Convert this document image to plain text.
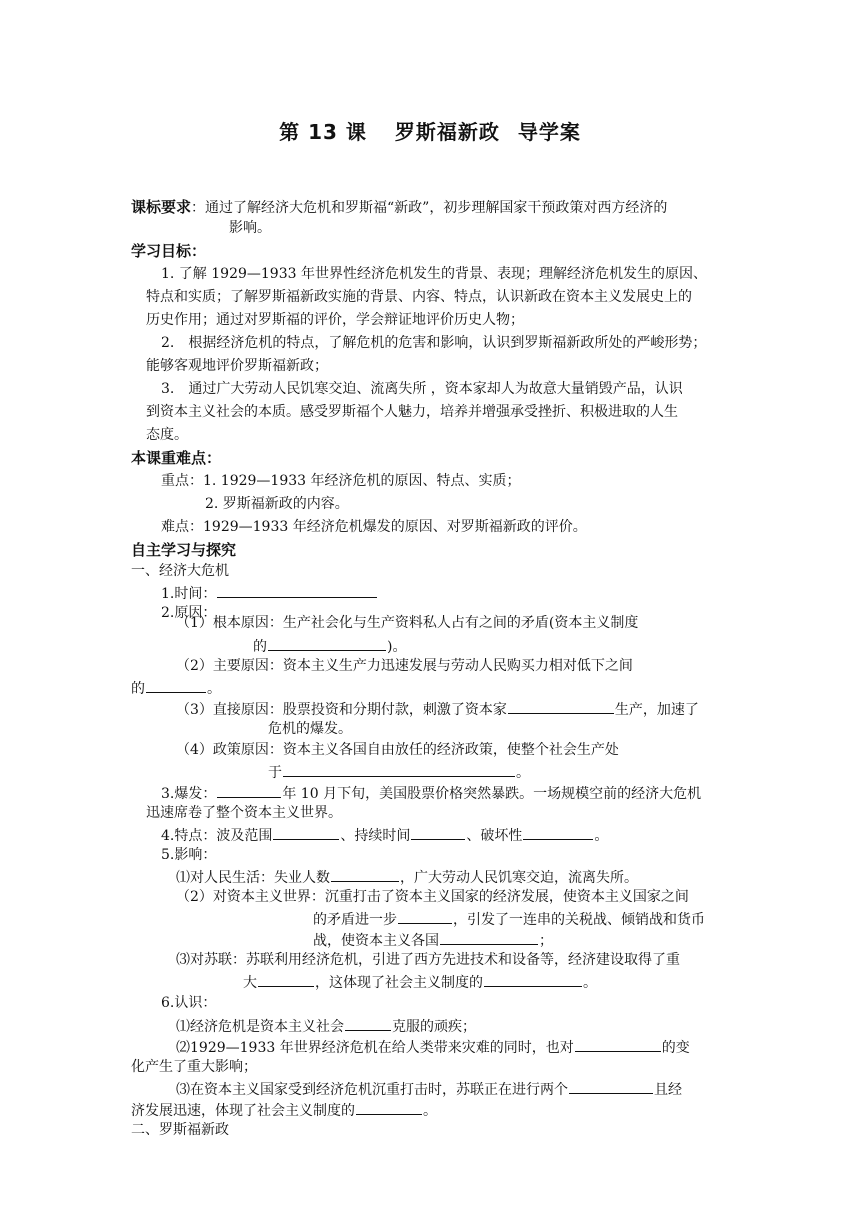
第 13 课 罗斯福新政 导学案
课标要求：通过了解经济大危机和罗斯福“新政”，初步理解国家干预政策对西方经济的
影响。
学习目标：
1. 了解 1929—1933 年世界性经济危机发生的背景、表现；理解经济危机发生的原因、
特点和实质；了解罗斯福新政实施的背景、内容、特点，认识新政在资本主义发展史上的
历史作用；通过对罗斯福的评价，学会辩证地评价历史人物；
2.　根据经济危机的特点，了解危机的危害和影响，认识到罗斯福新政所处的严峻形势；
能够客观地评价罗斯福新政；
3.　通过广大劳动人民饥寒交迫、流离失所 ，资本家却人为故意大量销毁产品，认识
到资本主义社会的本质。感受罗斯福个人魅力，培养并增强承受挫折、积极进取的人生
态度。
本课重难点：
重点：1. 1929—1933 年经济危机的原因、特点、实质；
2. 罗斯福新政的内容。
难点：1929—1933 年经济危机爆发的原因、对罗斯福新政的评价。
自主学习与探究
一、经济大危机
1.时间：
2.原因：
（1）根本原因：生产社会化与生产资料私人占有之间的矛盾(资本主义制度
的	)。
（2）主要原因：资本主义生产力迅速发展与劳动人民购买力相对低下之间
的	。
（3）直接原因：股票投资和分期付款，刺激了资本家	生产，加速了
危机的爆发。
（4）政策原因：资本主义各国自由放任的经济政策，使整个社会生产处
于	。
3.爆发：	年 10 月下旬，美国股票价格突然暴跌。一场规模空前的经济大危机
迅速席卷了整个资本主义世界。
4.特点：波及范围	、持续时间	、破坏性	。
5.影响：
⑴对人民生活：失业人数	，广大劳动人民饥寒交迫，流离失所。
（2）对资本主义世界：沉重打击了资本主义国家的经济发展，使资本主义国家之间
的矛盾进一步	，引发了一连串的关税战、倾销战和货币
战，使资本主义各国	；
⑶对苏联：苏联利用经济危机，引进了西方先进技术和设备等，经济建设取得了重
大	，这体现了社会主义制度的	。
6.认识：
⑴经济危机是资本主义社会	克服的顽疾；
⑵1929—1933 年世界经济危机在给人类带来灾难的同时，也对	的变
化产生了重大影响；
⑶在资本主义国家受到经济危机沉重打击时，苏联正在进行两个	且经
济发展迅速，体现了社会主义制度的	。
二、罗斯福新政
